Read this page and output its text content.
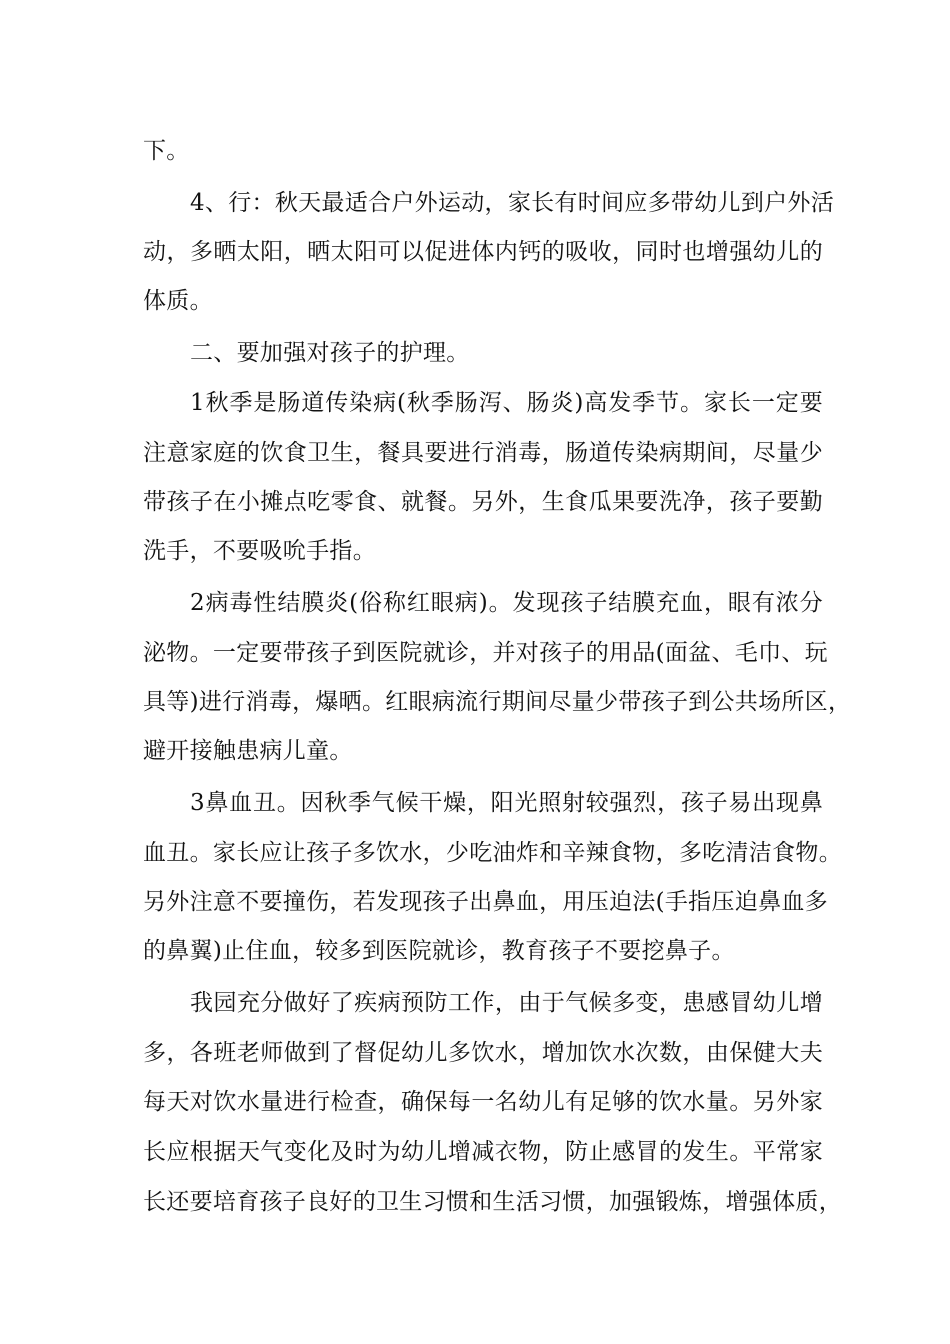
下。
4、行：秋天最适合户外运动，家长有时间应多带幼儿到户外活
动，多晒太阳，晒太阳可以促进体内钙的吸收，同时也增强幼儿的
体质。
二、要加强对孩子的护理。
1秋季是肠道传染病(秋季肠泻、肠炎)高发季节。家长一定要
注意家庭的饮食卫生，餐具要进行消毒，肠道传染病期间，尽量少
带孩子在小摊点吃零食、就餐。另外，生食瓜果要洗净，孩子要勤
洗手，不要吸吮手指。
2病毒性结膜炎(俗称红眼病)。发现孩子结膜充血，眼有浓分
泌物。一定要带孩子到医院就诊，并对孩子的用品(面盆、毛巾、玩
具等)进行消毒，爆晒。红眼病流行期间尽量少带孩子到公共场所区，
避开接触患病儿童。
3鼻血丑。因秋季气候干燥，阳光照射较强烈，孩子易出现鼻
血丑。家长应让孩子多饮水，少吃油炸和辛辣食物，多吃清洁食物。
另外注意不要撞伤，若发现孩子出鼻血，用压迫法(手指压迫鼻血多
的鼻翼)止住血，较多到医院就诊，教育孩子不要挖鼻子。
我园充分做好了疾病预防工作，由于气候多变，患感冒幼儿增
多，各班老师做到了督促幼儿多饮水，增加饮水次数，由保健大夫
每天对饮水量进行检查，确保每一名幼儿有足够的饮水量。另外家
长应根据天气变化及时为幼儿增减衣物，防止感冒的发生。平常家
长还要培育孩子良好的卫生习惯和生活习惯，加强锻炼，增强体质，
